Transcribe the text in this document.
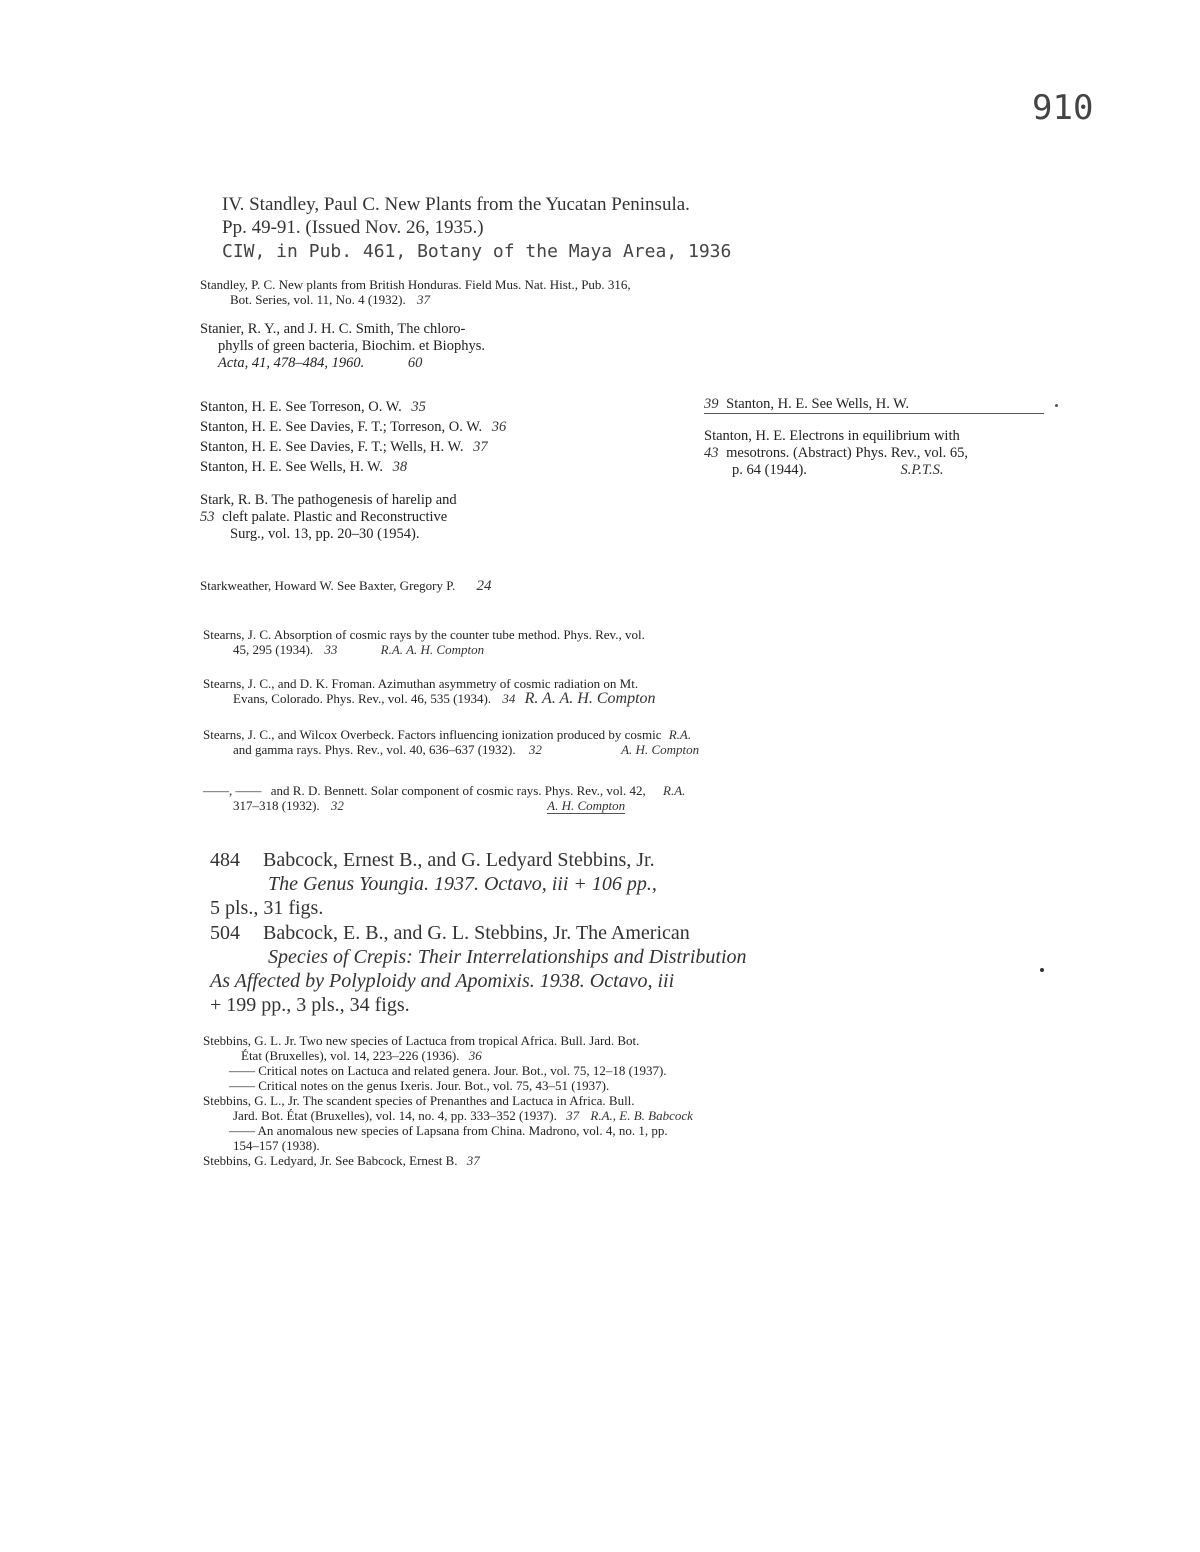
910
IV. Standley, Paul C. New Plants from the Yucatan Peninsula.
Pp. 49-91. (Issued Nov. 26, 1935.)
CIW, in Pub. 461, Botany of the Maya Area, 1936
Standley, P. C. New plants from British Honduras. Field Mus. Nat. Hist., Pub. 316,
Bot. Series, vol. 11, No. 4 (1932). 37
Stanier, R. Y., and J. H. C. Smith, The chloro-
phylls of green bacteria, Biochim. et Biophys.
Acta, 41, 478–484, 1960.	60
Stanton, H. E. See Torreson, O. W. 35
Stanton, H. E. See Davies, F. T.; Torreson, O. W. 36
Stanton, H. E. See Davies, F. T.; Wells, H. W. 37
Stanton, H. E. See Wells, H. W. 38
39 Stanton, H. E. See Wells, H. W.
Stanton, H. E. Electrons in equilibrium with
43 mesotrons. (Abstract) Phys. Rev., vol. 65,
p. 64 (1944).	S.P.T.S.
Stark, R. B. The pathogenesis of harelip and
53 cleft palate. Plastic and Reconstructive
Surg., vol. 13, pp. 20–30 (1954).
Starkweather, Howard W. See Baxter, Gregory P. 24
Stearns, J. C. Absorption of cosmic rays by the counter tube method. Phys. Rev., vol.
45, 295 (1934). 33	R.A. A. H. Compton
Stearns, J. C., and D. K. Froman. Azimuthan asymmetry of cosmic radiation on Mt.
Evans, Colorado. Phys. Rev., vol. 46, 535 (1934). 34 R. A. A. H. Compton
Stearns, J. C., and Wilcox Overbeck. Factors influencing ionization produced by cosmic R.A.
and gamma rays. Phys. Rev., vol. 40, 636–637 (1932). 32	A. H. Compton
——, —— and R. D. Bennett. Solar component of cosmic rays. Phys. Rev., vol. 42, R.A.
317–318 (1932). 32	A. H. Compton
484 Babcock, Ernest B., and G. Ledyard Stebbins, Jr.
The Genus Youngia. 1937. Octavo, iii + 106 pp.,
5 pls., 31 figs.
504 Babcock, E. B., and G. L. Stebbins, Jr. The American
Species of Crepis: Their Interrelationships and Distribution
As Affected by Polyploidy and Apomixis. 1938. Octavo, iii
+ 199 pp., 3 pls., 34 figs.
Stebbins, G. L. Jr. Two new species of Lactuca from tropical Africa. Bull. Jard. Bot.
État (Bruxelles), vol. 14, 223–226 (1936). 36
—— Critical notes on Lactuca and related genera. Jour. Bot., vol. 75, 12–18 (1937).
—— Critical notes on the genus Ixeris. Jour. Bot., vol. 75, 43–51 (1937).
Stebbins, G. L., Jr. The scandent species of Prenanthes and Lactuca in Africa. Bull.
Jard. Bot. État (Bruxelles), vol. 14, no. 4, pp. 333–352 (1937). 37 R.A., E. B. Babcock
—— An anomalous new species of Lapsana from China. Madrono, vol. 4, no. 1, pp.
154–157 (1938).
Stebbins, G. Ledyard, Jr. See Babcock, Ernest B. 37
